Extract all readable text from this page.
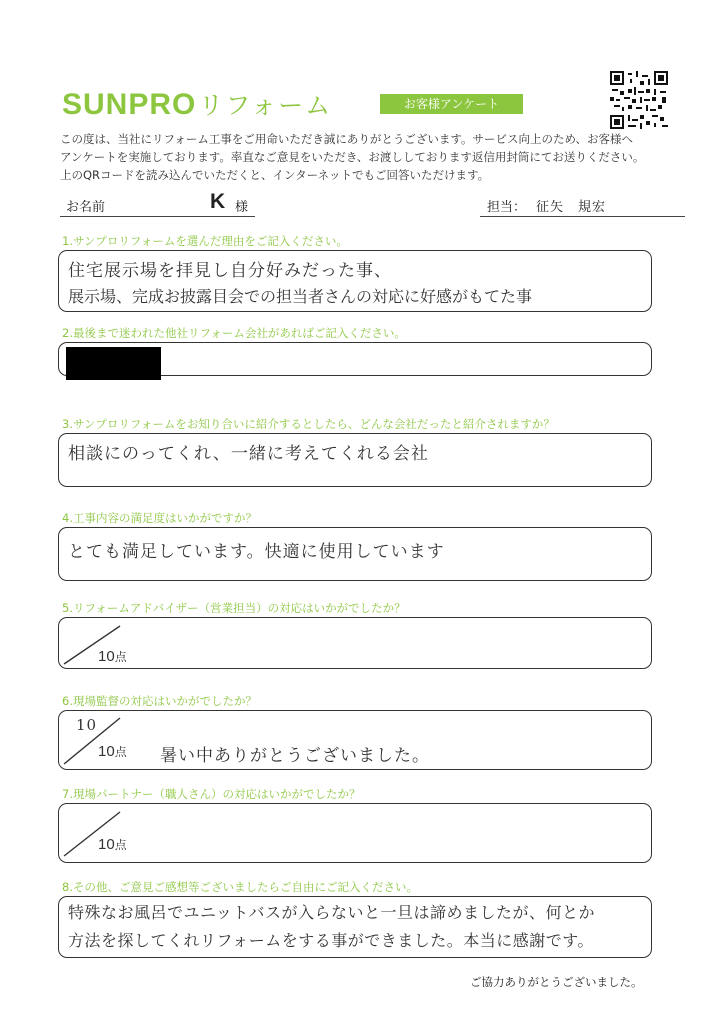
SUNPROリフォーム	お客様アンケート
この度は、当社にリフォーム工事をご用命いただき誠にありがとうございます。サービス向上のため、お客様へ
アンケートを実施しております。率直なご意見をいただき、お渡ししております返信用封筒にてお送りください。
上のQRコードを読み込んでいただくと、インターネットでもご回答いただけます。
お名前	K 様	担当： 征矢　規宏
1.サンプロリフォームを選んだ理由をご記入ください。
住宅展示場を拝見し自分好みだった事、
展示場、完成お披露目会での担当者さんの対応に好感がもてた事
2.最後まで迷われた他社リフォーム会社があればご記入ください。
3.サンプロリフォームをお知り合いに紹介するとしたら、どんな会社だったと紹介されますか？
相談にのってくれ、一緒に考えてくれる会社
4.工事内容の満足度はいかがですか？
とても満足しています。快適に使用しています
5.リフォームアドバイザー（営業担当）の対応はいかがでしたか？
10点
6.現場監督の対応はいかがでしたか？
10
10点 暑い中ありがとうございました。
7.現場パートナー（職人さん）の対応はいかがでしたか？
10点
8.その他、ご意見ご感想等ございましたらご自由にご記入ください。
特殊なお風呂でユニットバスが入らないと一旦は諦めましたが、何とか
方法を探してくれリフォームをする事ができました。本当に感謝です。
ご協力ありがとうございました。
